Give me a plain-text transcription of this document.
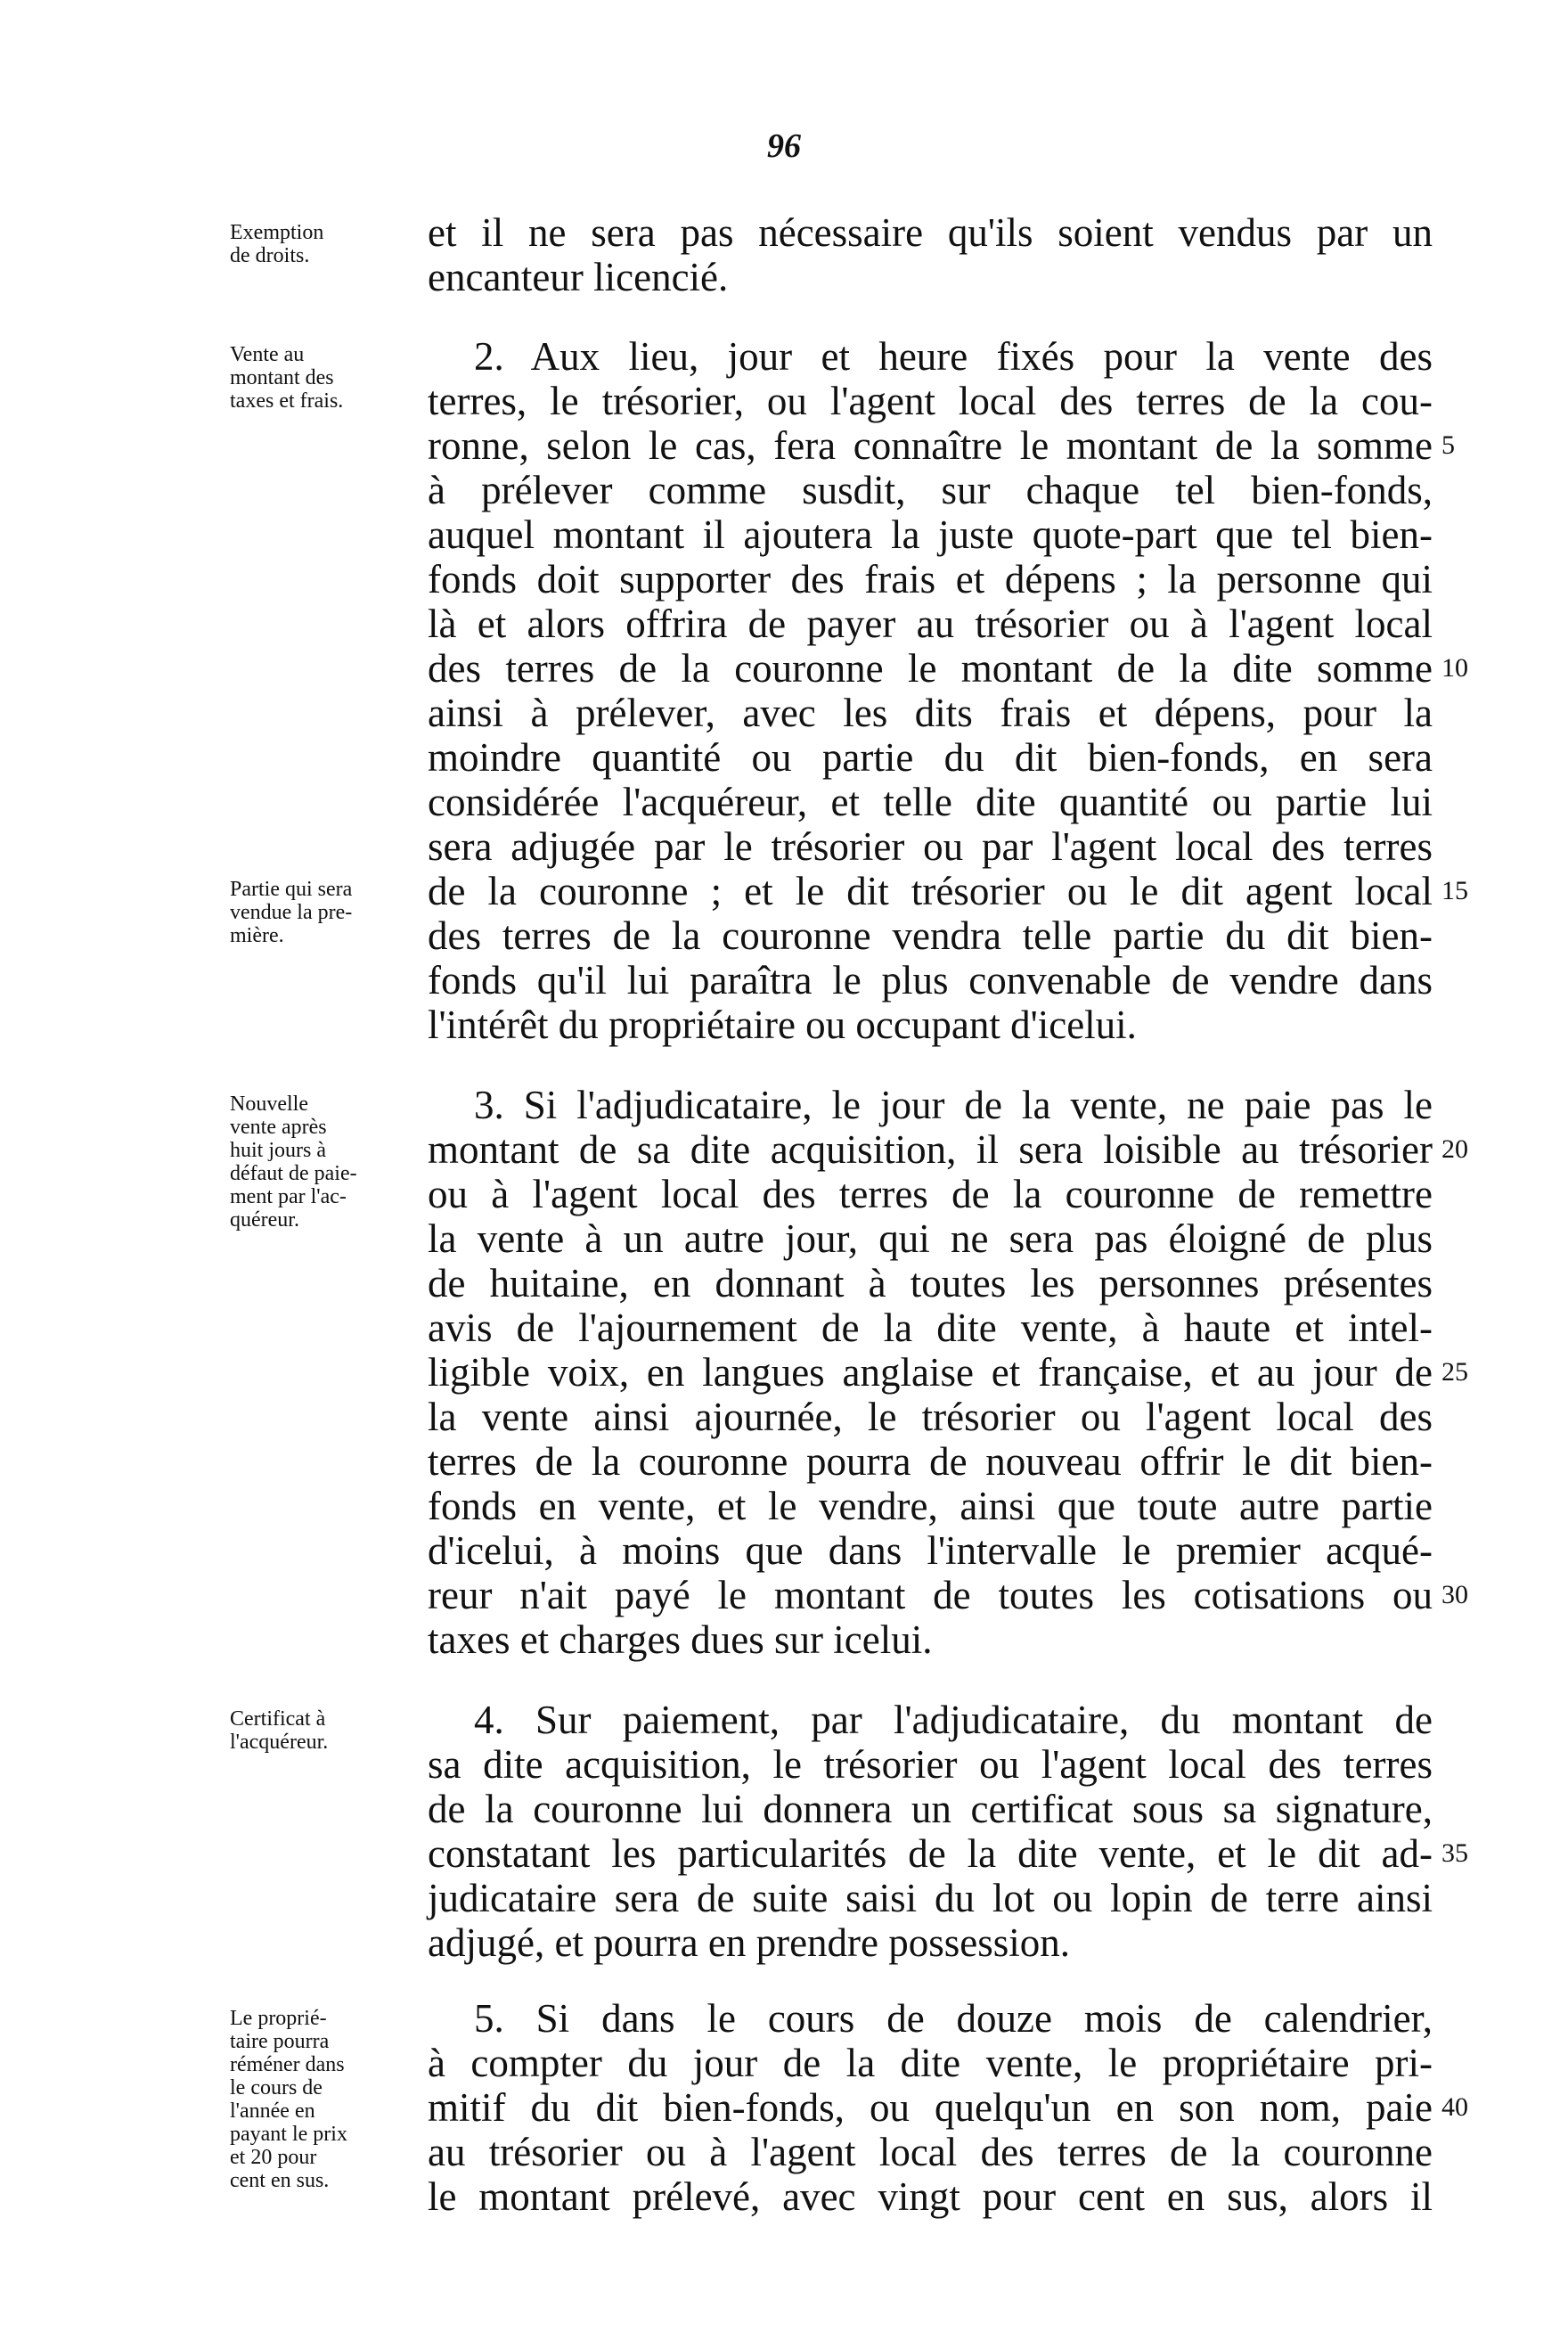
96
et il ne sera pas nécessaire qu'ils soient vendus par un
encanteur licencié.
2. Aux lieu, jour et heure fixés pour la vente des
terres, le trésorier, ou l'agent local des terres de la cou-
ronne, selon le cas, fera connaître le montant de la somme
à prélever comme susdit, sur chaque tel bien-fonds,
auquel montant il ajoutera la juste quote-part que tel bien-
fonds doit supporter des frais et dépens ; la personne qui
là et alors offrira de payer au trésorier ou à l'agent local
des terres de la couronne le montant de la dite somme
ainsi à prélever, avec les dits frais et dépens, pour la
moindre quantité ou partie du dit bien-fonds, en sera
considérée l'acquéreur, et telle dite quantité ou partie lui
sera adjugée par le trésorier ou par l'agent local des terres
de la couronne ; et le dit trésorier ou le dit agent local
des terres de la couronne vendra telle partie du dit bien-
fonds qu'il lui paraîtra le plus convenable de vendre dans
l'intérêt du propriétaire ou occupant d'icelui.
3. Si l'adjudicataire, le jour de la vente, ne paie pas le
montant de sa dite acquisition, il sera loisible au trésorier
ou à l'agent local des terres de la couronne de remettre
la vente à un autre jour, qui ne sera pas éloigné de plus
de huitaine, en donnant à toutes les personnes présentes
avis de l'ajournement de la dite vente, à haute et intel-
ligible voix, en langues anglaise et française, et au jour de
la vente ainsi ajournée, le trésorier ou l'agent local des
terres de la couronne pourra de nouveau offrir le dit bien-
fonds en vente, et le vendre, ainsi que toute autre partie
d'icelui, à moins que dans l'intervalle le premier acqué-
reur n'ait payé le montant de toutes les cotisations ou
taxes et charges dues sur icelui.
4. Sur paiement, par l'adjudicataire, du montant de
sa dite acquisition, le trésorier ou l'agent local des terres
de la couronne lui donnera un certificat sous sa signature,
constatant les particularités de la dite vente, et le dit ad-
judicataire sera de suite saisi du lot ou lopin de terre ainsi
adjugé, et pourra en prendre possession.
5. Si dans le cours de douze mois de calendrier,
à compter du jour de la dite vente, le propriétaire pri-
mitif du dit bien-fonds, ou quelqu'un en son nom, paie
au trésorier ou à l'agent local des terres de la couronne
le montant prélevé, avec vingt pour cent en sus, alors il
Exemption
de droits.
Vente au
montant des
taxes et frais.
Partie qui sera
vendue la pre-
mière.
Nouvelle
vente après
huit jours à
défaut de paie-
ment par l'ac-
quéreur.
Certificat à
l'acquéreur.
Le proprié-
taire pourra
réméner dans
le cours de
l'année en
payant le prix
et 20 pour
cent en sus.
5
10
15
20
25
30
35
40
